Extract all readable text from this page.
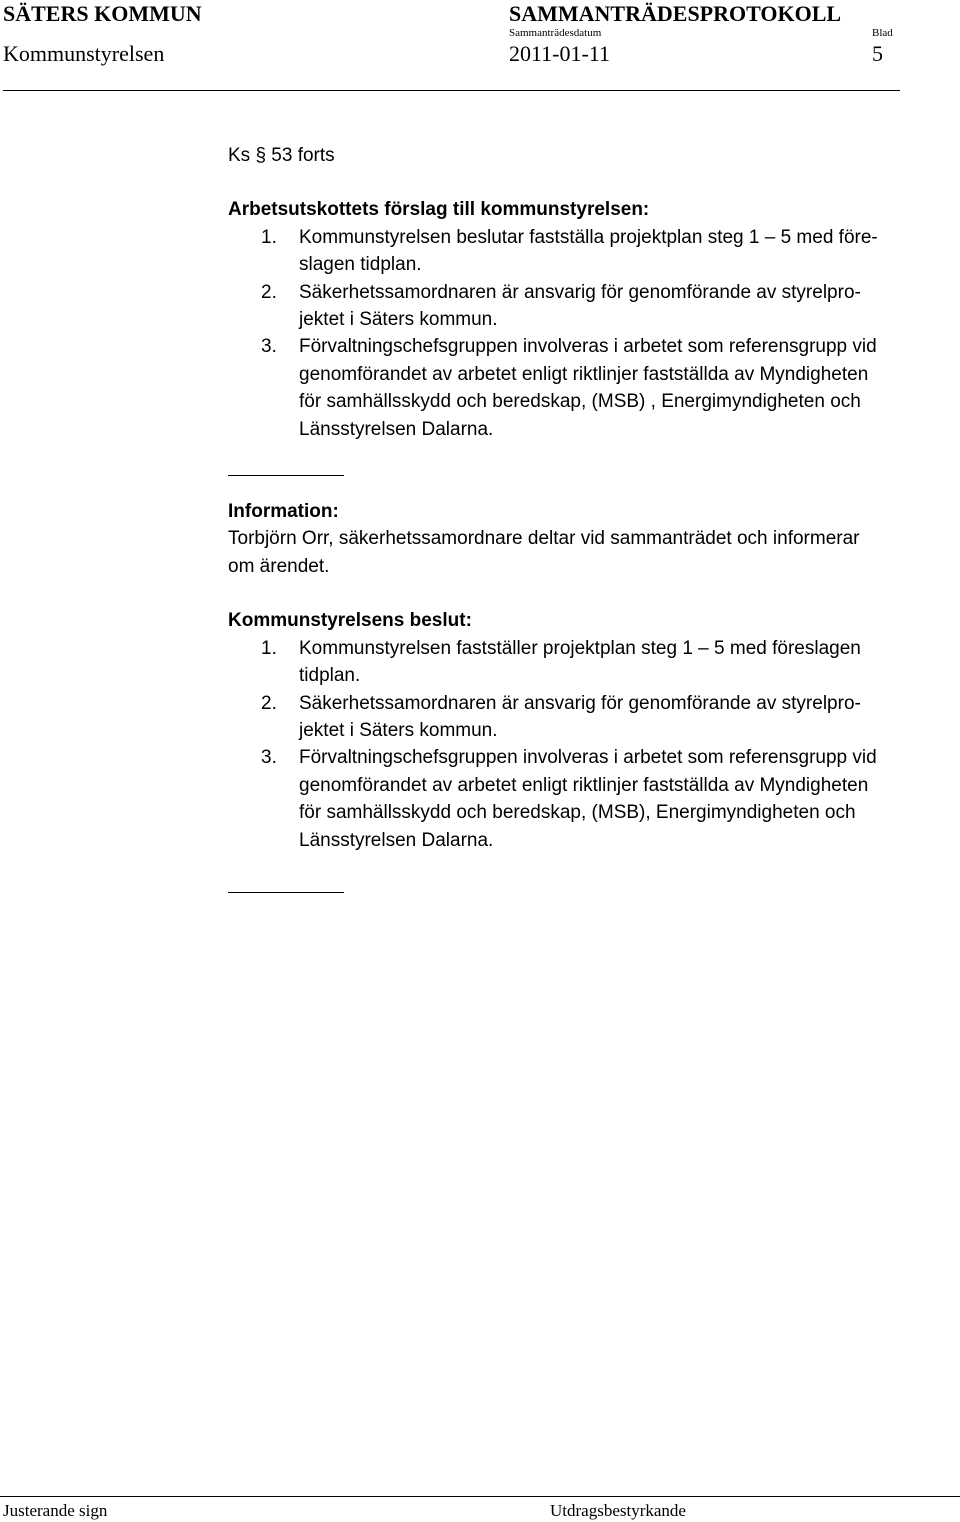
SÄTERS KOMMUN	SAMMANTRÄDESPROTOKOLL
Sammanträdesdatum	Blad
Kommunstyrelsen	2011-01-11	5

Ks § 53 forts

Arbetsutskottets förslag till kommunstyrelsen:

1. Kommunstyrelsen beslutar fastställa projektplan steg 1 – 5 med före-
slagen tidplan.
2. Säkerhetssamordnaren är ansvarig för genomförande av styrelpro-
jektet i Säters kommun.
3. Förvaltningschefsgruppen involveras i arbetet som referensgrupp vid
genomförandet av arbetet enligt riktlinjer fastställda av Myndigheten
för samhällsskydd och beredskap, (MSB) , Energimyndigheten och
Länsstyrelsen Dalarna.

Information:

Torbjörn Orr, säkerhetssamordnare deltar vid sammanträdet och informerar
om ärendet.

Kommunstyrelsens beslut:

1. Kommunstyrelsen fastställer projektplan steg 1 – 5 med föreslagen
tidplan.
2. Säkerhetssamordnaren är ansvarig för genomförande av styrelpro-
jektet i Säters kommun.
3. Förvaltningschefsgruppen involveras i arbetet som referensgrupp vid
genomförandet av arbetet enligt riktlinjer fastställda av Myndigheten
för samhällsskydd och beredskap, (MSB), Energimyndigheten och
Länsstyrelsen Dalarna.
Justerande sign	Utdragsbestyrkande
